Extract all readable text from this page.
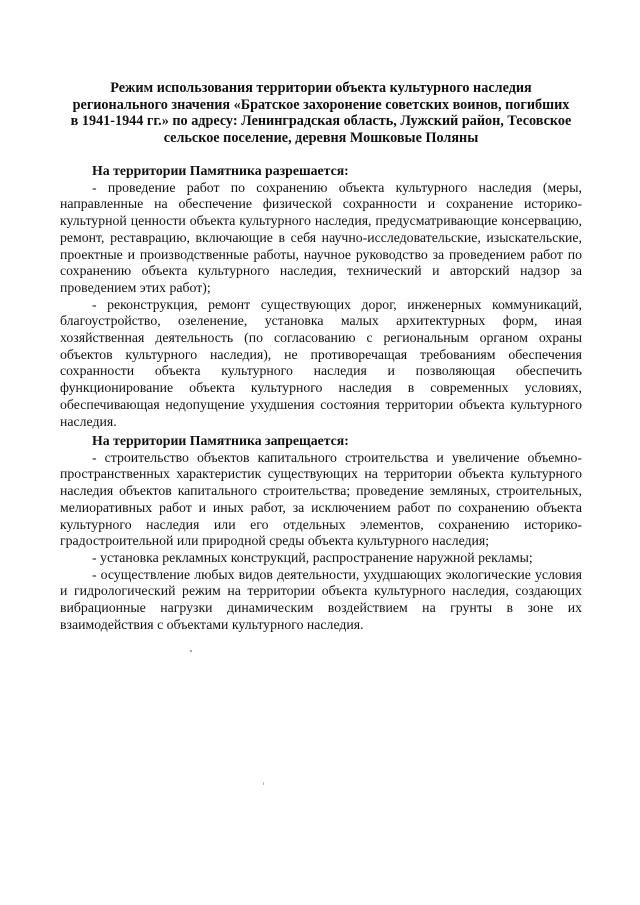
Режим использования территории объекта культурного наследия
регионального значения «Братское захоронение советских воинов, погибших
в 1941-1944 гг.» по адресу: Ленинградская область, Лужский район, Тесовское
сельское поселение, деревня Мошковые Поляны

На территории Памятника разрешается:

- проведение работ по сохранению объекта культурного наследия (меры, направленные на обеспечение физической сохранности и сохранение историко-культурной ценности объекта культурного наследия, предусматривающие консервацию, ремонт, реставрацию, включающие в себя научно-исследовательские, изыскательские, проектные и производственные работы, научное руководство за проведением работ по сохранению объекта культурного наследия, технический и авторский надзор за проведением этих работ);

- реконструкция, ремонт существующих дорог, инженерных коммуникаций, благоустройство, озеленение, установка малых архитектурных форм, иная хозяйственная деятельность (по согласованию с региональным органом охраны объектов культурного наследия), не противоречащая требованиям обеспечения сохранности объекта культурного наследия и позволяющая обеспечить функционирование объекта культурного наследия в современных условиях, обеспечивающая недопущение ухудшения состояния территории объекта культурного наследия.

На территории Памятника запрещается:

- строительство объектов капитального строительства и увеличение объемно-пространственных характеристик существующих на территории объекта культурного наследия объектов капитального строительства; проведение земляных, строительных, мелиоративных работ и иных работ, за исключением работ по сохранению объекта культурного наследия или его отдельных элементов, сохранению историко-градостроительной или природной среды объекта культурного наследия;

- установка рекламных конструкций, распространение наружной рекламы;

- осуществление любых видов деятельности, ухудшающих экологические условия и гидрологический режим на территории объекта культурного наследия, создающих вибрационные нагрузки динамическим воздействием на грунты в зоне их взаимодействия с объектами культурного наследия.
